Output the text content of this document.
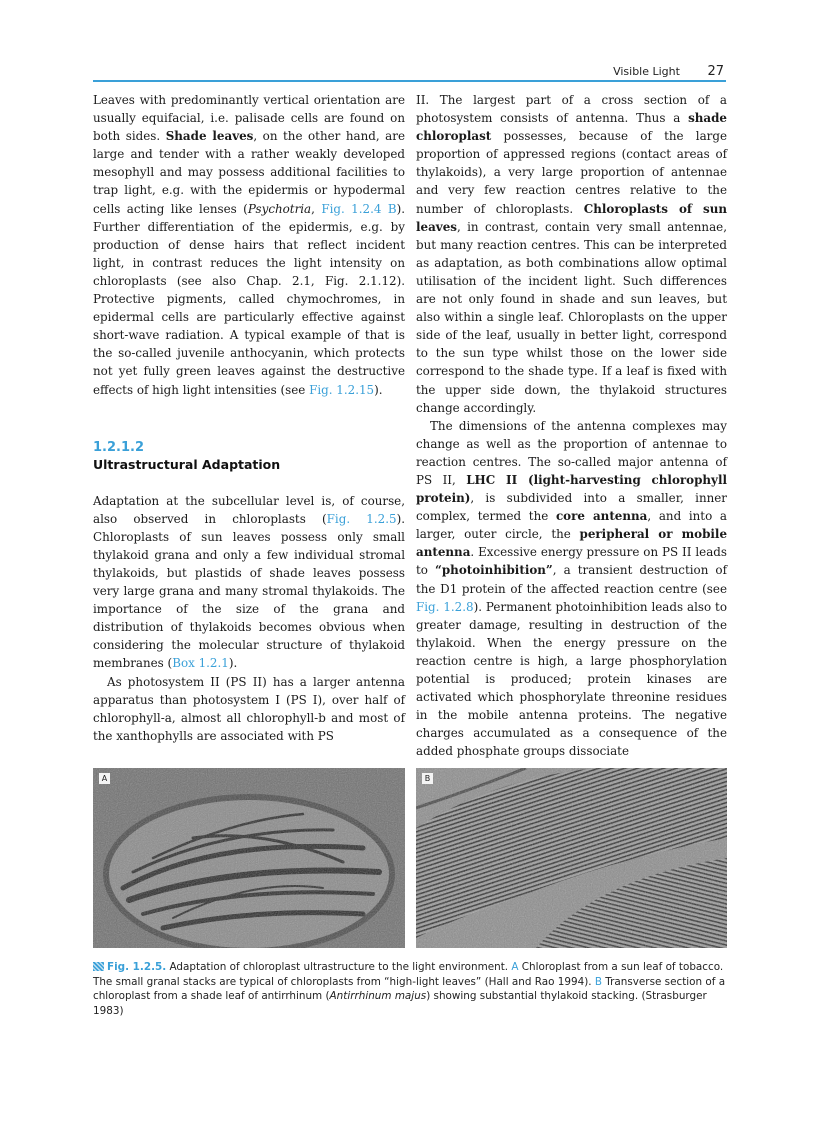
Visible Light 27

Leaves with predominantly vertical orientation are usually equifacial, i.e. palisade cells are found on both sides. Shade leaves, on the other hand, are large and tender with a rather weakly developed mesophyll and may possess additional facilities to trap light, e.g. with the epidermis or hypodermal cells acting like lenses (Psychotria, Fig. 1.2.4 B). Further differentiation of the epidermis, e.g. by production of dense hairs that reflect incident light, in contrast reduces the light intensity on chloroplasts (see also Chap. 2.1, Fig. 2.1.12). Protective pigments, called chymochromes, in epidermal cells are particularly effective against short-wave radiation. A typical example of that is the so-called juvenile anthocyanin, which protects not yet fully green leaves against the destructive effects of high light intensities (see Fig. 1.2.15).

1.2.1.2
Ultrastructural Adaptation

Adaptation at the subcellular level is, of course, also observed in chloroplasts (Fig. 1.2.5). Chloroplasts of sun leaves possess only small thylakoid grana and only a few individual stromal thylakoids, but plastids of shade leaves possess very large grana and many stromal thylakoids. The importance of the size of the grana and distribution of thylakoids becomes obvious when considering the molecular structure of thylakoid membranes (Box 1.2.1).

As photosystem II (PS II) has a larger antenna apparatus than photosystem I (PS I), over half of chlorophyll-a, almost all chlorophyll-b and most of the xanthophylls are associated with PS

II. The largest part of a cross section of a photosystem consists of antenna. Thus a shade chloroplast possesses, because of the large proportion of appressed regions (contact areas of thylakoids), a very large proportion of antennae and very few reaction centres relative to the number of chloroplasts. Chloroplasts of sun leaves, in contrast, contain very small antennae, but many reaction centres. This can be interpreted as adaptation, as both combinations allow optimal utilisation of the incident light. Such differences are not only found in shade and sun leaves, but also within a single leaf. Chloroplasts on the upper side of the leaf, usually in better light, correspond to the sun type whilst those on the lower side correspond to the shade type. If a leaf is fixed with the upper side down, the thylakoid structures change accordingly.

The dimensions of the antenna complexes may change as well as the proportion of antennae to reaction centres. The so-called major antenna of PS II, LHC II (light-harvesting chlorophyll protein), is subdivided into a smaller, inner complex, termed the core antenna, and into a larger, outer circle, the peripheral or mobile antenna. Excessive energy pressure on PS II leads to “photoinhibition”, a transient destruction of the D1 protein of the affected reaction centre (see Fig. 1.2.8). Permanent photoinhibition leads also to greater damage, resulting in destruction of the thylakoid. When the energy pressure on the reaction centre is high, a large phosphorylation potential is produced; protein kinases are activated which phosphorylate threonine residues in the mobile antenna proteins. The negative charges accumulated as a consequence of the added phosphate groups dissociate

A	B
Fig. 1.2.5. Adaptation of chloroplast ultrastructure to the light environment. A Chloroplast from a sun leaf of tobacco. The small granal stacks are typical of chloroplasts from “high-light leaves” (Hall and Rao 1994). B Transverse section of a chloroplast from a shade leaf of antirrhinum (Antirrhinum majus) showing substantial thylakoid stacking. (Strasburger 1983)
